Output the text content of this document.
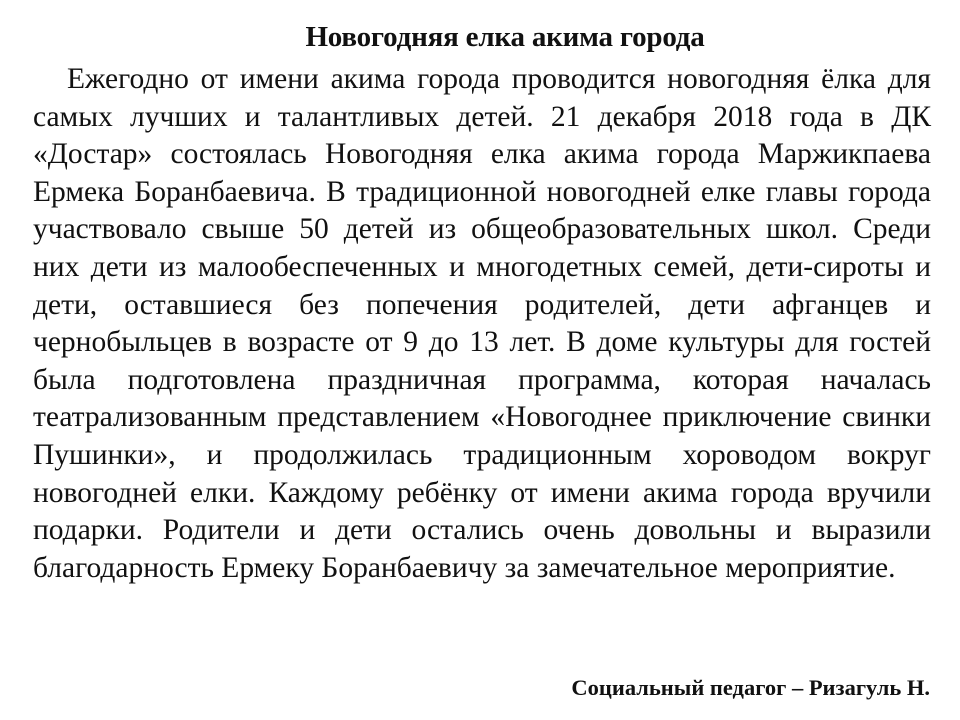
Новогодняя елка акима города
Ежегодно от имени акима города проводится новогодняя ёлка для самых лучших и талантливых детей. 21 декабря 2018 года в ДК «Достар» состоялась Новогодняя елка акима города Маржикпаева Ермека Боранбаевича. В традиционной новогодней елке главы города участвовало свыше 50 детей из общеобразовательных школ. Среди них дети из малообеспеченных и многодетных семей, дети-сироты и дети, оставшиеся без попечения родителей, дети афганцев и чернобыльцев в возрасте от 9 до 13 лет. В доме культуры для гостей была подготовлена праздничная программа, которая началась театрализованным представлением «Новогоднее приключение свинки Пушинки», и продолжилась традиционным хороводом вокруг новогодней елки. Каждому ребёнку от имени акима города вручили подарки. Родители и дети остались очень довольны и выразили благодарность Ермеку Боранбаевичу за замечательное мероприятие.
Социальный педагог – Ризагуль Н.
